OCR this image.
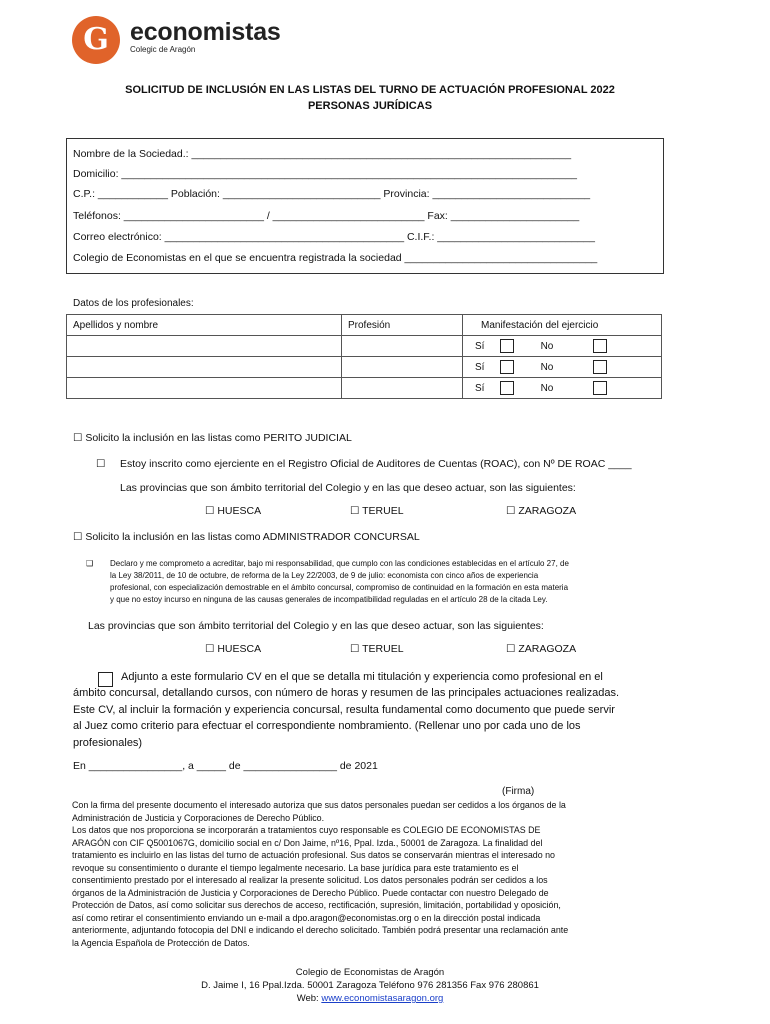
G economistas
Colegic de Aragón
SOLICITUD DE INCLUSIÓN EN LAS LISTAS DEL TURNO DE ACTUACIÓN PROFESIONAL 2022
PERSONAS JURÍDICAS
Nombre de la Sociedad.: _________________________________________________________________
Domicilio: ______________________________________________________________________________
C.P.: ____________ Población: ___________________________ Provincia: ___________________________
Teléfonos: ________________________ / __________________________ Fax: ______________________
Correo electrónico: _________________________________________ C.I.F.: ___________________________
Colegio de Economistas en el que se encuentra registrada la sociedad _________________________________
Datos de los profesionales:
Apellidos y nombre	Profesión	Manifestación del ejercicio
		Sí No
		Sí No
		Sí No
☐ Solicito la inclusión en las listas como PERITO JUDICIAL
☐ Estoy inscrito como ejerciente en el Registro Oficial de Auditores de Cuentas (ROAC), con Nº DE ROAC ____
Las provincias que son ámbito territorial del Colegio y en las que deseo actuar, son las siguientes:
☐ HUESCA	☐ TERUEL	☐ ZARAGOZA
☐ Solicito la inclusión en las listas como ADMINISTRADOR CONCURSAL
❑ Declaro y me comprometo a acreditar, bajo mi responsabilidad, que cumplo con las condiciones establecidas en el artículo 27, de
la Ley 38/2011, de 10 de octubre, de reforma de la Ley 22/2003, de 9 de julio: economista con cinco años de experiencia
profesional, con especialización demostrable en el ámbito concursal, compromiso de continuidad en la formación en esta materia
y que no estoy incurso en ninguna de las causas generales de incompatibilidad reguladas en el artículo 28 de la citada Ley.
Las provincias que son ámbito territorial del Colegio y en las que deseo actuar, son las siguientes:
☐ HUESCA	☐ TERUEL	☐ ZARAGOZA
Adjunto a este formulario CV en el que se detalla mi titulación y experiencia como profesional en el
ámbito concursal, detallando cursos, con número de horas y resumen de las principales actuaciones realizadas.
Este CV, al incluir la formación y experiencia concursal, resulta fundamental como documento que puede servir
al Juez como criterio para efectuar el correspondiente nombramiento. (Rellenar uno por cada uno de los
profesionales)
En ________________, a _____ de ________________ de 2021
(Firma)
Con la firma del presente documento el interesado autoriza que sus datos personales puedan ser cedidos a los órganos de la
Administración de Justicia y Corporaciones de Derecho Público.
Los datos que nos proporciona se incorporarán a tratamientos cuyo responsable es COLEGIO DE ECONOMISTAS DE
ARAGÓN con CIF Q5001067G, domicilio social en c/ Don Jaime, nº16, Ppal. Izda., 50001 de Zaragoza. La finalidad del
tratamiento es incluirlo en las listas del turno de actuación profesional. Sus datos se conservarán mientras el interesado no
revoque su consentimiento o durante el tiempo legalmente necesario. La base jurídica para este tratamiento es el
consentimiento prestado por el interesado al realizar la presente solicitud. Los datos personales podrán ser cedidos a los
órganos de la Administración de Justicia y Corporaciones de Derecho Público. Puede contactar con nuestro Delegado de
Protección de Datos, así como solicitar sus derechos de acceso, rectificación, supresión, limitación, portabilidad y oposición,
así como retirar el consentimiento enviando un e-mail a dpo.aragon@economistas.org o en la dirección postal indicada
anteriormente, adjuntando fotocopia del DNI e indicando el derecho solicitado. También podrá presentar una reclamación ante
la Agencia Española de Protección de Datos.
Colegio de Economistas de Aragón
D. Jaime I, 16 Ppal.Izda. 50001 Zaragoza Teléfono 976 281356 Fax 976 280861
Web: www.economistasaragon.org
